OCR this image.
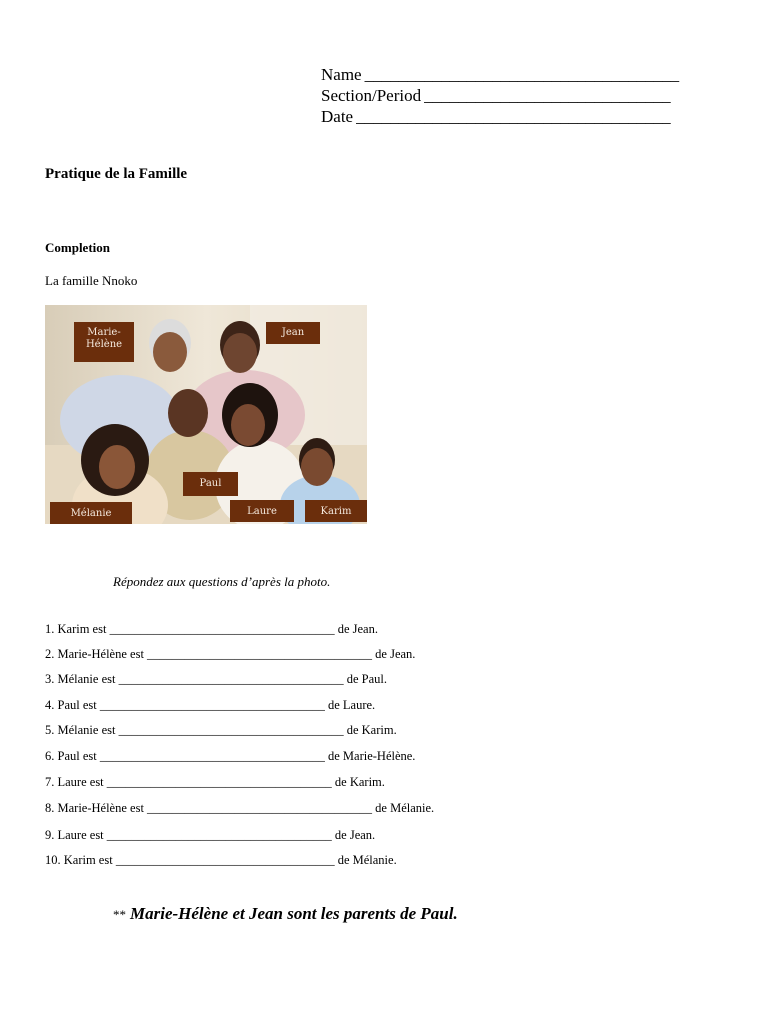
Name _____________________________________
Section/Period _____________________________
Date _____________________________________
Pratique de la Famille
Completion
La famille Nnoko
Marie-
Hélène
Jean
Paul
Mélanie	Laure	Karim
Répondez aux questions d’après la photo.
1. Karim est ____________________________________ de Jean.
2. Marie-Hélène est ____________________________________ de Jean.
3. Mélanie est ____________________________________ de Paul.
4. Paul est ____________________________________ de Laure.
5. Mélanie est ____________________________________ de Karim.
6. Paul est ____________________________________ de Marie-Hélène.
7. Laure est ____________________________________ de Karim.
8. Marie-Hélène est ____________________________________ de Mélanie.
9. Laure est ____________________________________ de Jean.
10. Karim est ___________________________________ de Mélanie.
** Marie-Hélène et Jean sont les parents de Paul.
